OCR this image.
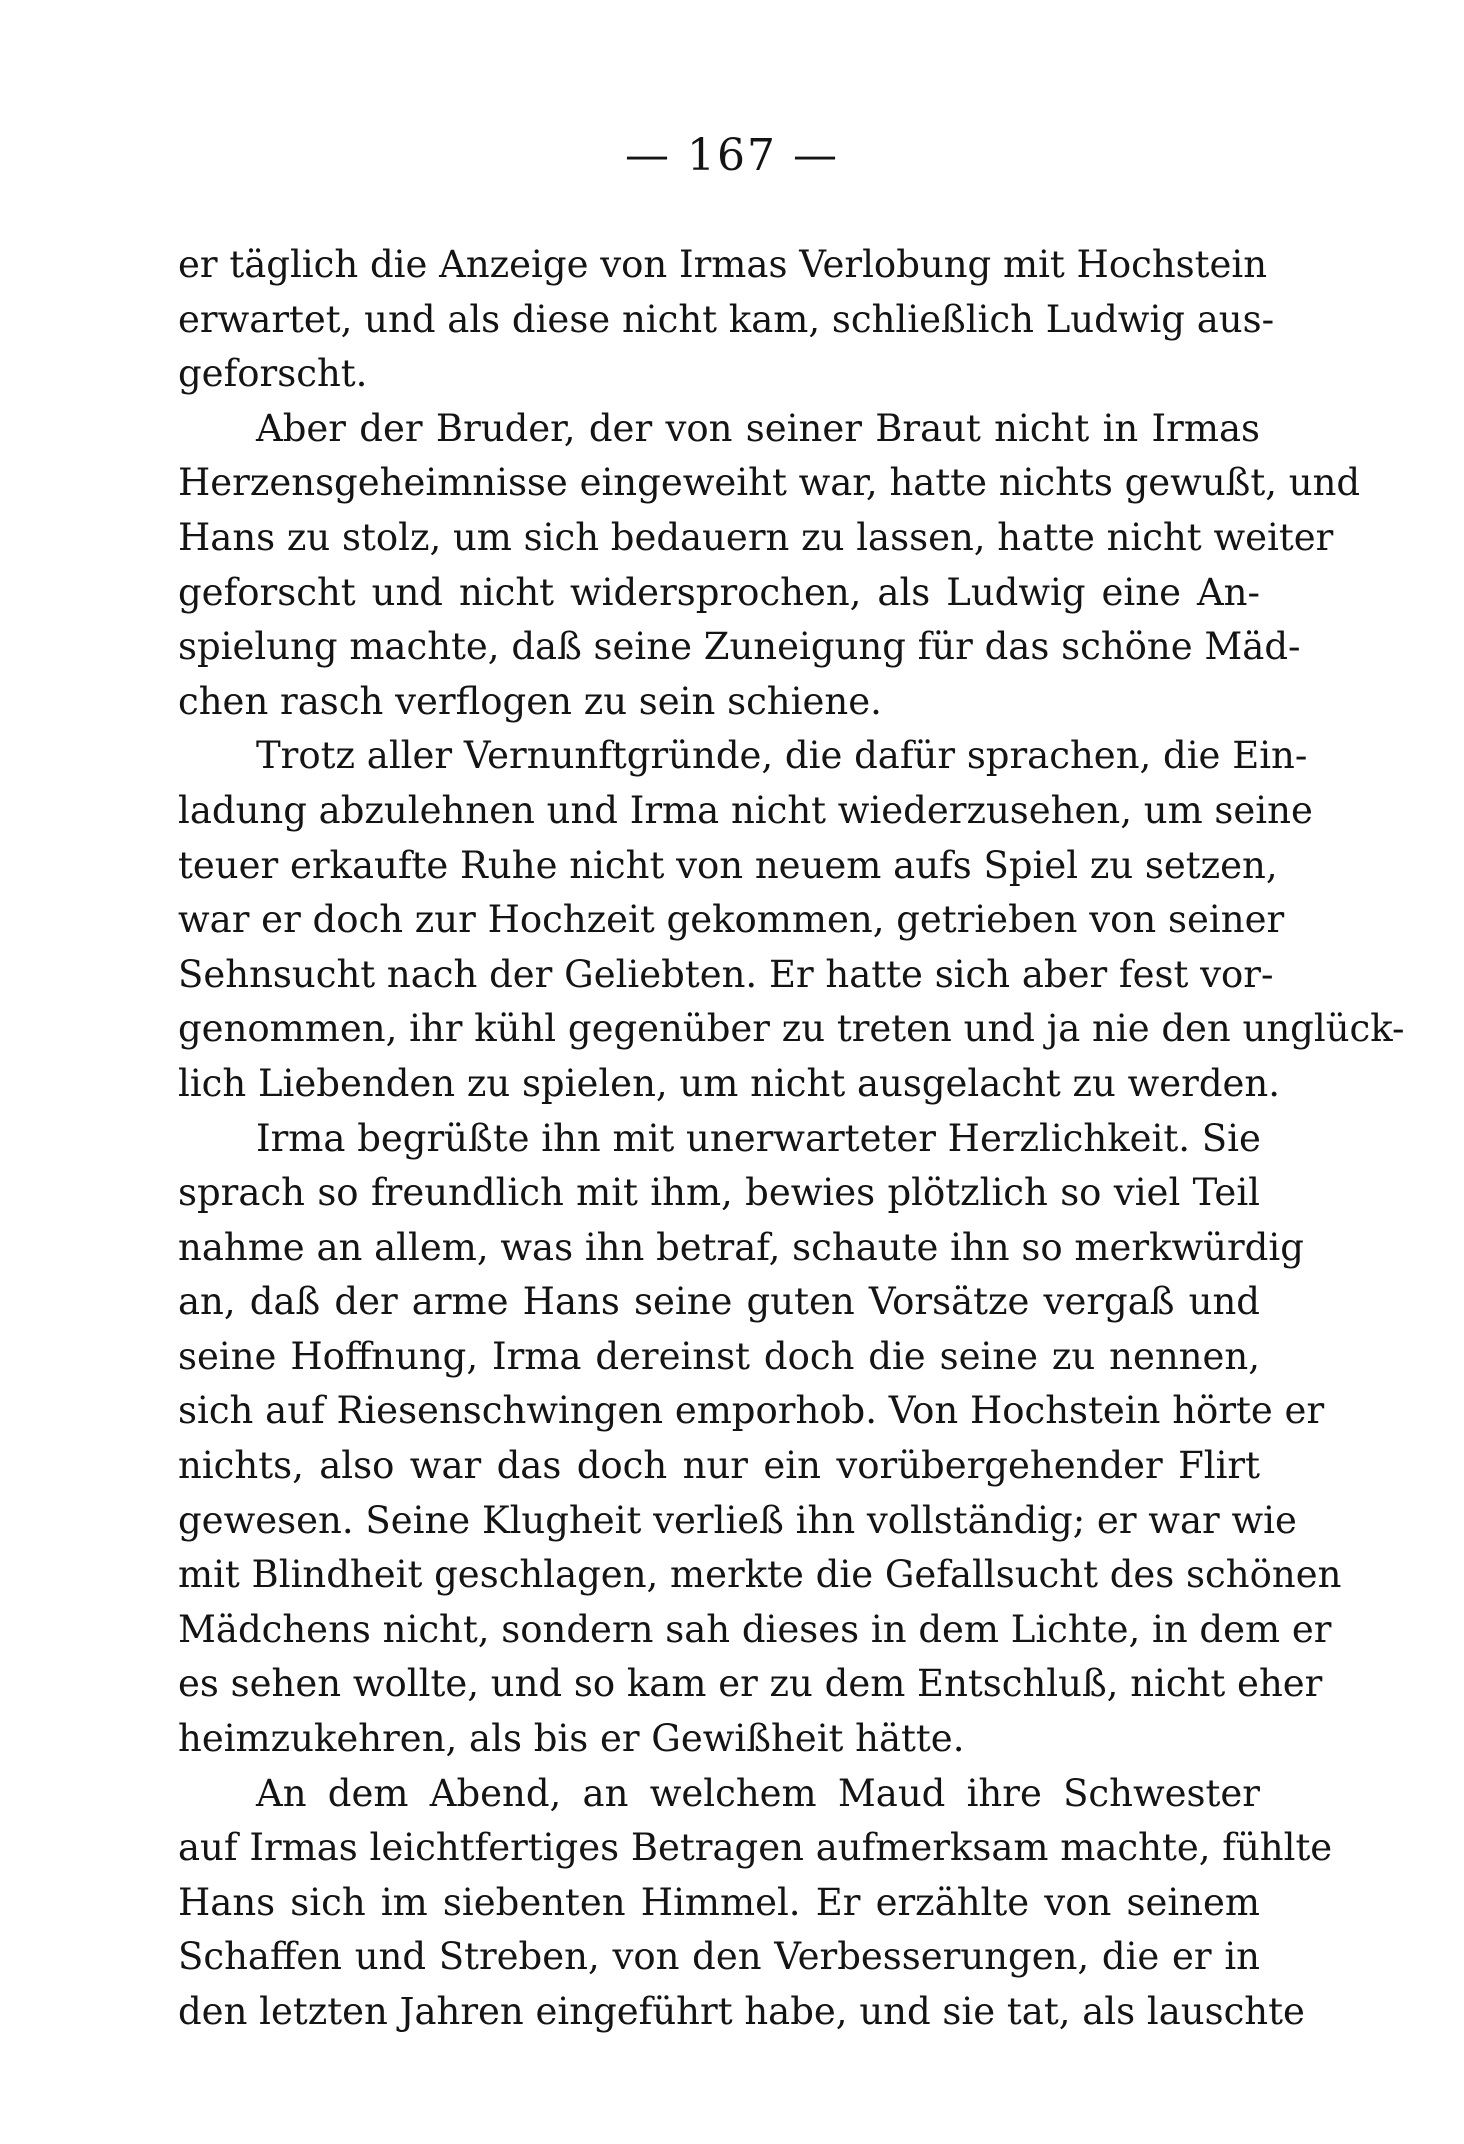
— 167 —
er täglich die Anzeige von Irmas Verlobung mit Hochstein
erwartet, und als diese nicht kam, schließlich Ludwig aus-
geforscht.
Aber der Bruder, der von seiner Braut nicht in Irmas
Herzensgeheimnisse eingeweiht war, hatte nichts gewußt, und
Hans zu stolz, um sich bedauern zu lassen, hatte nicht weiter
geforscht und nicht widersprochen, als Ludwig eine An-
spielung machte, daß seine Zuneigung für das schöne Mäd-
chen rasch verflogen zu sein schiene.
Trotz aller Vernunftgründe, die dafür sprachen, die Ein-
ladung abzulehnen und Irma nicht wiederzusehen, um seine
teuer erkaufte Ruhe nicht von neuem aufs Spiel zu setzen,
war er doch zur Hochzeit gekommen, getrieben von seiner
Sehnsucht nach der Geliebten. Er hatte sich aber fest vor-
genommen, ihr kühl gegenüber zu treten und ja nie den unglück-
lich Liebenden zu spielen, um nicht ausgelacht zu werden.
Irma begrüßte ihn mit unerwarteter Herzlichkeit. Sie
sprach so freundlich mit ihm, bewies plötzlich so viel Teil
nahme an allem, was ihn betraf, schaute ihn so merkwürdig
an, daß der arme Hans seine guten Vorsätze vergaß und
seine Hoffnung, Irma dereinst doch die seine zu nennen,
sich auf Riesenschwingen emporhob. Von Hochstein hörte er
nichts, also war das doch nur ein vorübergehender Flirt
gewesen. Seine Klugheit verließ ihn vollständig; er war wie
mit Blindheit geschlagen, merkte die Gefallsucht des schönen
Mädchens nicht, sondern sah dieses in dem Lichte, in dem er
es sehen wollte, und so kam er zu dem Entschluß, nicht eher
heimzukehren, als bis er Gewißheit hätte.
An dem Abend, an welchem Maud ihre Schwester
auf Irmas leichtfertiges Betragen aufmerksam machte, fühlte
Hans sich im siebenten Himmel. Er erzählte von seinem
Schaffen und Streben, von den Verbesserungen, die er in
den letzten Jahren eingeführt habe, und sie tat, als lauschte
